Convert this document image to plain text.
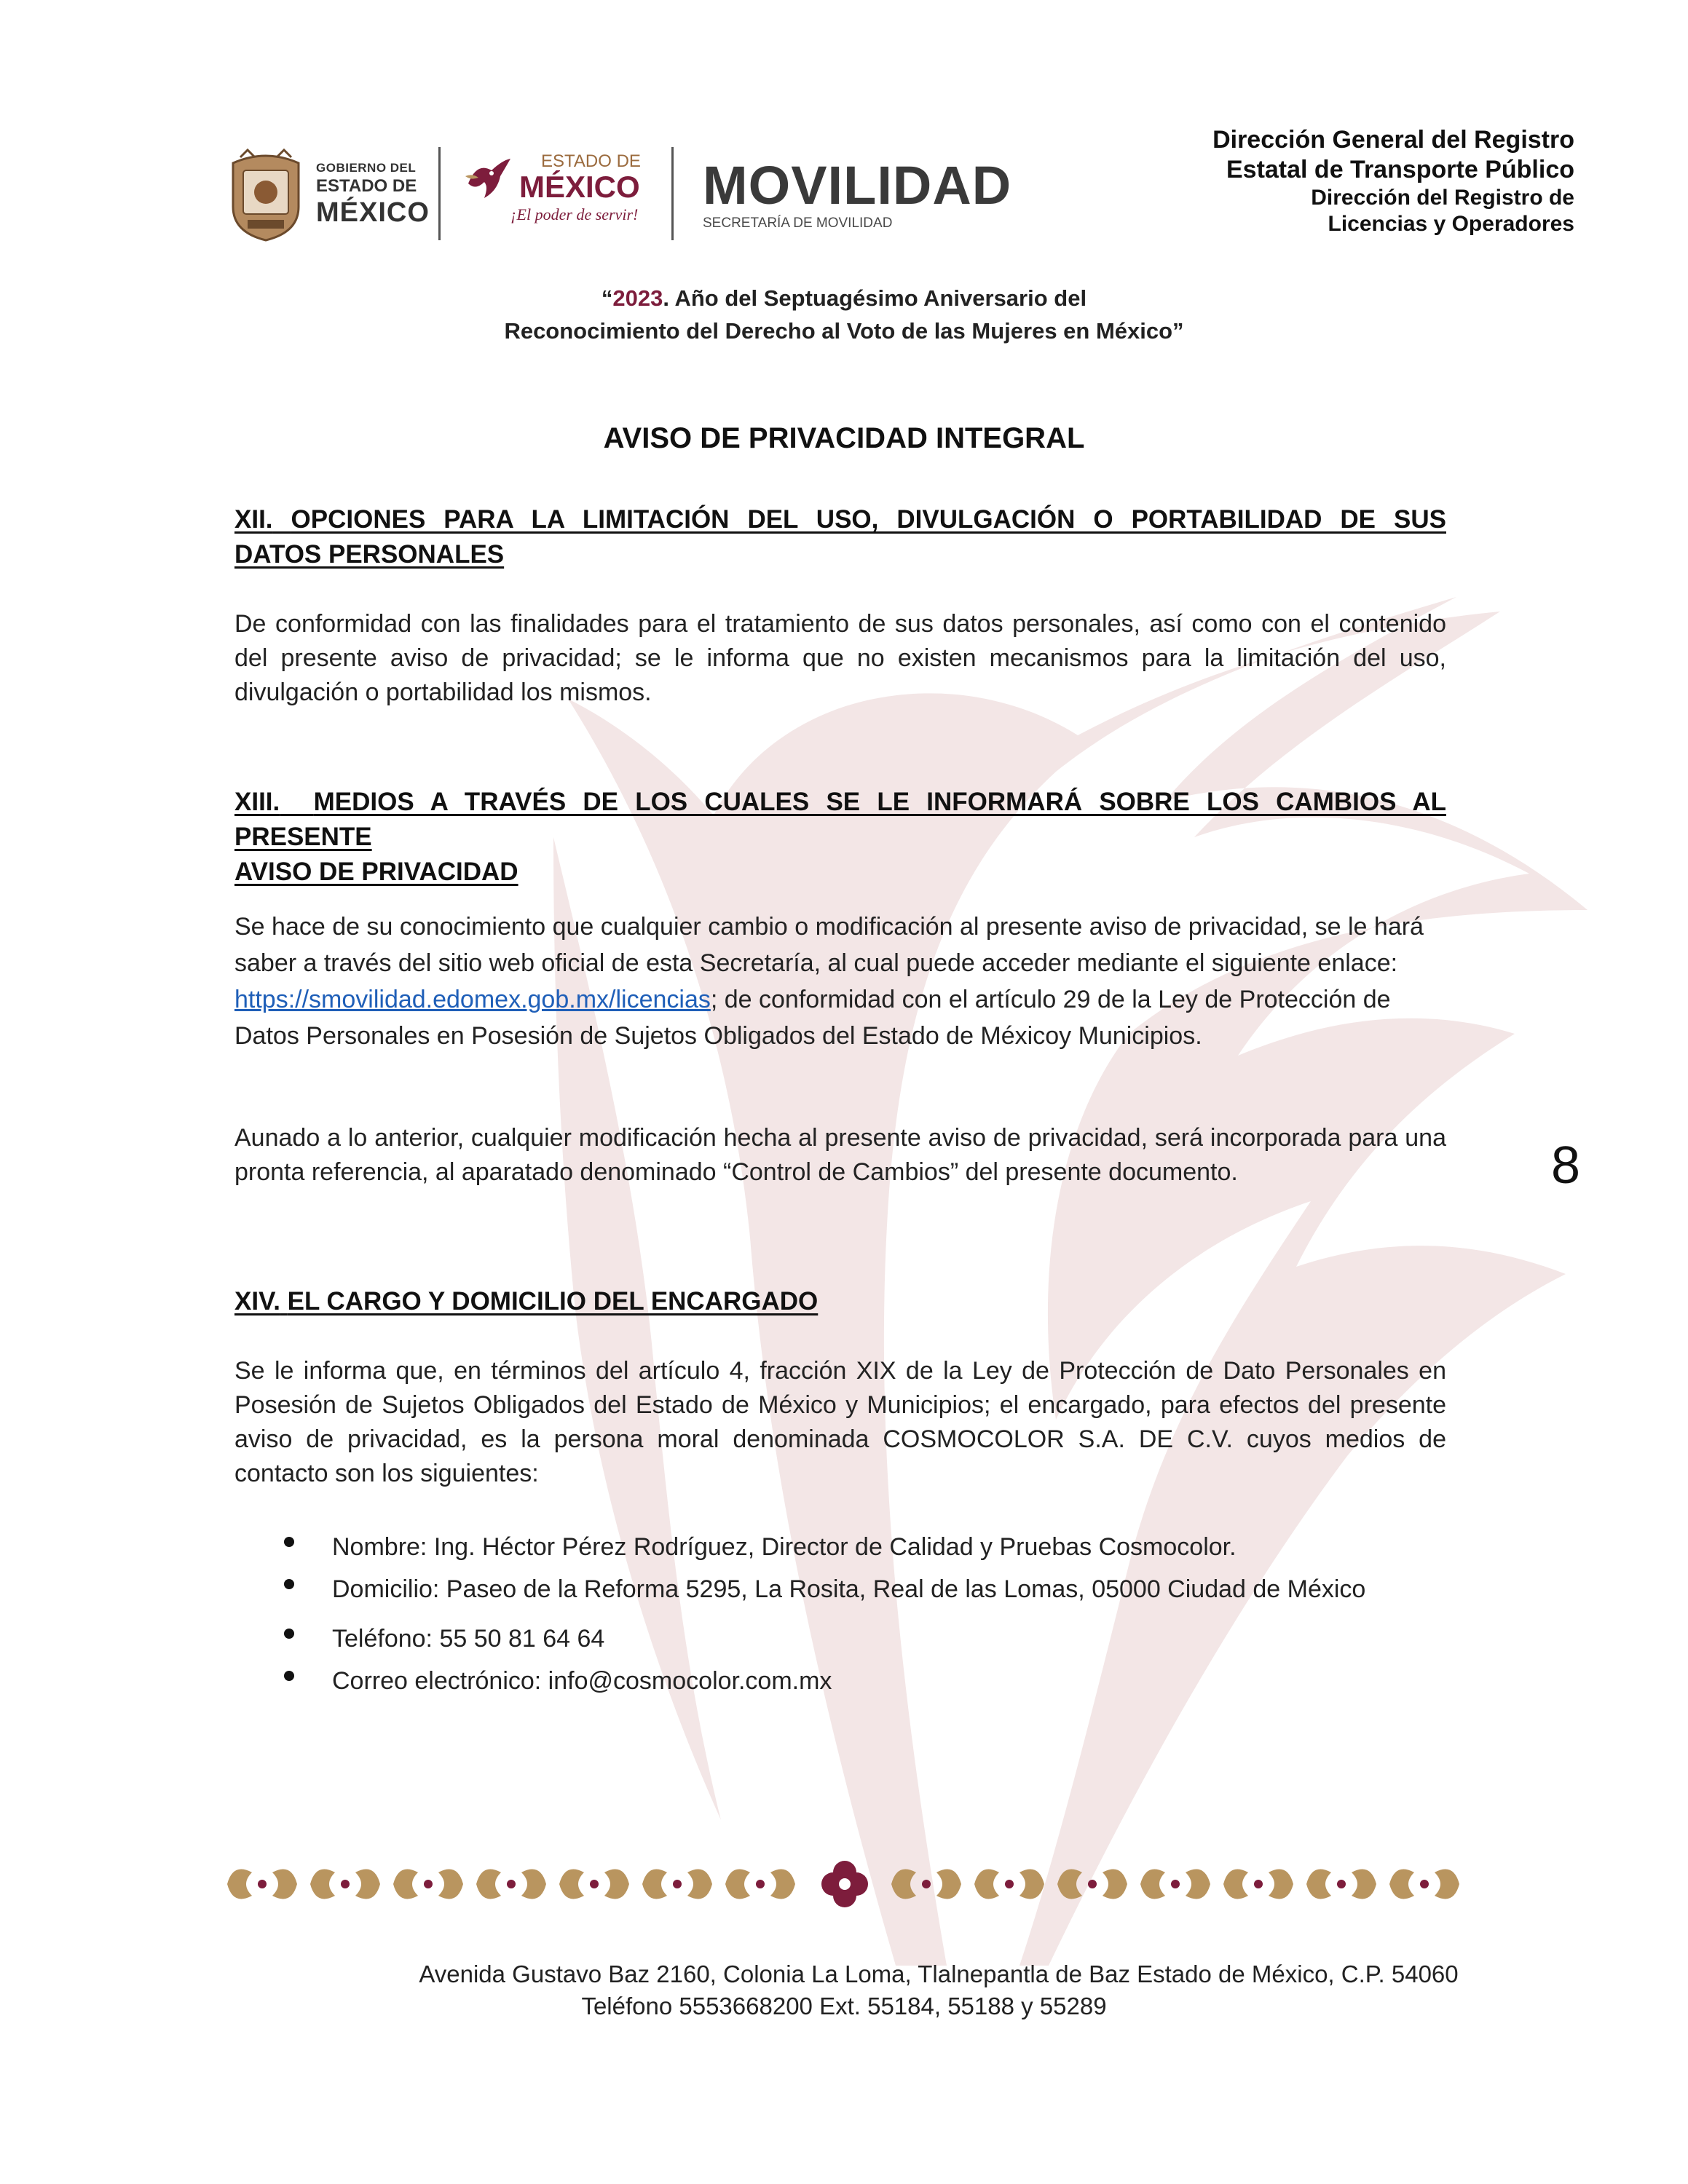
GOBIERNO DEL
ESTADO DE
MÉXICO
ESTADO DE
MÉXICO
¡El poder de servir! MOVILIDAD
SECRETARÍA DE MOVILIDAD
Dirección General del Registro
Estatal de Transporte Público
Dirección del Registro de
Licencias y Operadores
“2023. Año del Septuagésimo Aniversario del
Reconocimiento del Derecho al Voto de las Mujeres en México”
AVISO DE PRIVACIDAD INTEGRAL
XII. OPCIONES PARA LA LIMITACIÓN DEL USO, DIVULGACIÓN O PORTABILIDAD DE SUS
DATOS PERSONALES
De conformidad con las finalidades para el tratamiento de sus datos personales, así como con el contenido del presente aviso de privacidad; se le informa que no existen mecanismos para la limitación del uso, divulgación o portabilidad los mismos.
XIII. MEDIOS A TRAVÉS DE LOS CUALES SE LE INFORMARÁ SOBRE LOS CAMBIOS AL PRESENTE
AVISO DE PRIVACIDAD
Se hace de su conocimiento que cualquier cambio o modificación al presente aviso de privacidad, se le hará saber a través del sitio web oficial de esta Secretaría, al cual puede acceder mediante el siguiente enlace: https://smovilidad.edomex.gob.mx/licencias; de conformidad con el artículo 29 de la Ley de Protección de Datos Personales en Posesión de Sujetos Obligados del Estado de Méxicoy Municipios.
Aunado a lo anterior, cualquier modificación hecha al presente aviso de privacidad, será incorporada para una pronta referencia, al aparatado denominado “Control de Cambios” del presente documento.	8
XIV. EL CARGO Y DOMICILIO DEL ENCARGADO
Se le informa que, en términos del artículo 4, fracción XIX de la Ley de Protección de Dato Personales en Posesión de Sujetos Obligados del Estado de México y Municipios; el encargado, para efectos del presente aviso de privacidad, es la persona moral denominada COSMOCOLOR S.A. DE C.V. cuyos medios de contacto son los siguientes:
Nombre: Ing. Héctor Pérez Rodríguez, Director de Calidad y Pruebas Cosmocolor.
Domicilio: Paseo de la Reforma 5295, La Rosita, Real de las Lomas, 05000 Ciudad de México
Teléfono: 55 50 81 64 64
Correo electrónico: info@cosmocolor.com.mx
Avenida Gustavo Baz 2160, Colonia La Loma, Tlalnepantla de Baz Estado de México, C.P. 54060
Teléfono 5553668200 Ext. 55184, 55188 y 55289
